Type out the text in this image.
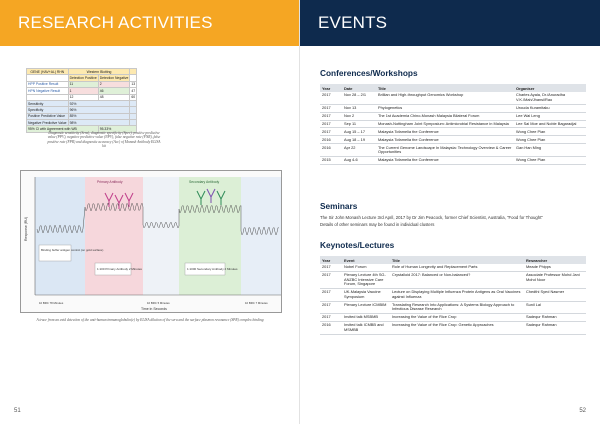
RESEARCH ACTIVITIES
GENE (HAV+AL) RHN	Western Blotting		
	Detection Positive	Detection Negative	
HPP Positive Result	11	2	13
HPN Negative Result	1	46	47
	12	48	60
Sensitivity	92%		
Specificity	96%		
Positive Predictive Value	85%		
Negative Predictive Value	98%		
95% CI with Agreement with WB		95.33%	
Diagnostic sensitivity (Sens), diagnostic specificity (Spec), positive predictive value (PPV), negative predictive value (NPV), false negative rate (FNR), false positive rate (FPR) and diagnostic accuracy (Acc) of Monash Antibody ELISA kit
Response (RU)
Time in Seconds
Primary Antibody	Secondary Antibody
Binding buffer antigen control (on gold surface)
1:100 Primary Antibody 2 Minutes	1:1000 Secondary Antibody 2 Minutes
10 BRC 78 Minutes	10 BRC 5 Minutes	10 BRC 7 Minutes
A trace from an avid detection of the anti-human immunoglobulin(e) by ELISA dilution of the sera and the surface plasmon resonance (SPR) complex binding
51
EVENTS
Conferences/Workshops
Year	Date	Title	Organiser
2017	Nov 28 – 2/1	Brillian and High-throughput Genomics Workshop	Charles Ayala, Dr./Anuradha V.K./Mah/Jhansi/Rao
2017	Nov 13	Phylogenetics	Urouda Kuramitaku
2017	Nov 2	The 1st Academia Chino-Monash Malaysia Bilateral Forum	Lee Wai Leng
2017	Sep 11	Monash-Nottingham Joint Symposium: Antimicrobial Resistance in Malaysia	Lee Sai Moe and Noble Bagaradjal
2017	Aug 15 – 17	Malaysia Tofamelia the Conference	Wong Chee Pian
2016	Aug 18 – 19	Malaysia Tofamelia the Conference	Wong Chee Pian
2016	Apr 22	The Current Genome Landscape In Malaysia: Technology Overview & Career Opportunities	Gan Han Ming
2015	Aug 4-6	Malaysia Tofamelia the Conference	Wong Chee Pian
Seminars
The Sir John Monash Lecture 3rd April, 2017 by Dr Jim Peacock, former Chief Scientist, Australia, "Food for Thought"
Details of other seminars may be found in individual clusters
Keynotes/Lectures
Year	Event	Title	Researcher
2017	Nobel Forum	Role of Human Longevity and Replacement Parts	Meade Phipps
2017	Plenary Lecture 4th SG-ANZBC Intensive Care Forum, Singapore	Crystalloid 2017: Balanced or Non-balanced?	Associate Professor Mohd Jani Mohd Noor
2017	UK-Malaysia Vaccine Symposium	Lecture on Displaying Multiple Influenza Protein Antigens as Oral Vaccines against Influenza	Chedthi Syed Nasmer
2017	Plenary Lecture ICMBIM	Translating Research Into Applications: A Systems Biology Approach to Infectious Disease Research	Sunil Lal
2017	Invited talk MSBMB	Increasing the Value of the Rice Crop	Sadequr Rahman
2016	Invited talk ICMBB and MSMBB	Increasing the Value of the Rice Crop: Genetic Approaches	Sadequr Rahman
52
